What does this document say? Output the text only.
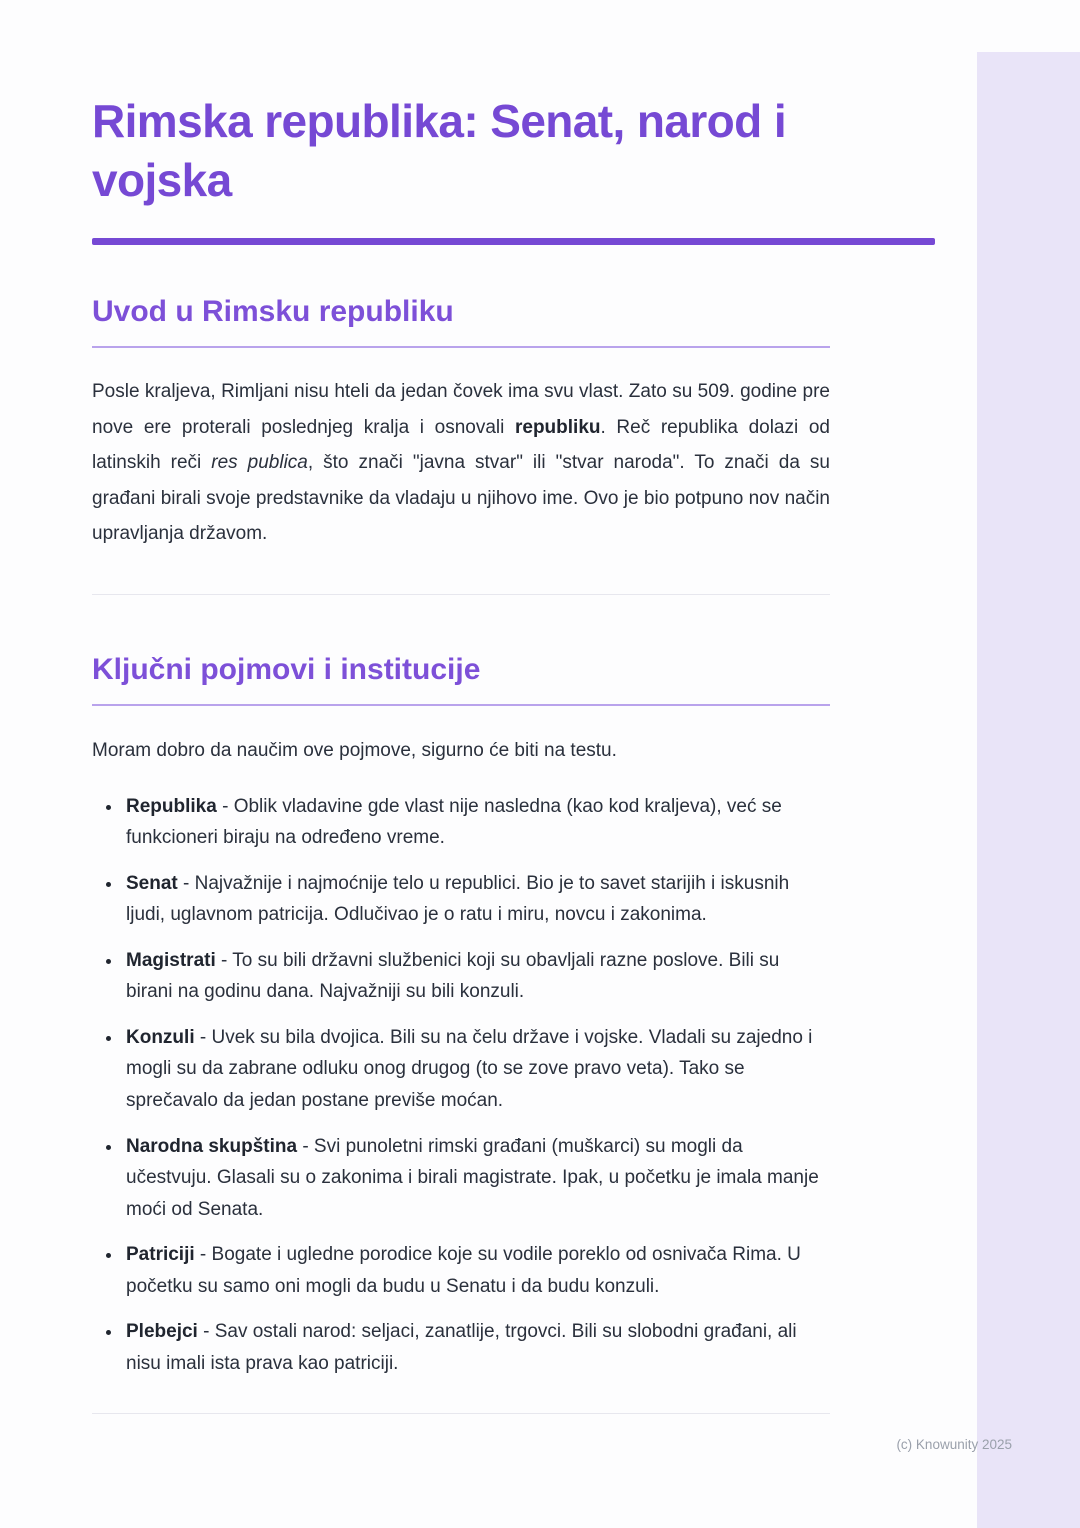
Rimska republika: Senat, narod i vojska
Uvod u Rimsku republiku

Posle kraljeva, Rimljani nisu hteli da jedan čovek ima svu vlast. Zato su 509. godine pre nove ere proterali poslednjeg kralja i osnovali republiku. Reč republika dolazi od latinskih reči res publica, što znači "javna stvar" ili "stvar naroda". To znači da su građani birali svoje predstavnike da vladaju u njihovo ime. Ovo je bio potpuno nov način upravljanja državom.

Ključni pojmovi i institucije

Moram dobro da naučim ove pojmove, sigurno će biti na testu.

• Republika - Oblik vladavine gde vlast nije nasledna (kao kod kraljeva), već se funkcioneri biraju na određeno vreme.
• Senat - Najvažnije i najmoćnije telo u republici. Bio je to savet starijih i iskusnih ljudi, uglavnom patricija. Odlučivao je o ratu i miru, novcu i zakonima.
• Magistrati - To su bili državni službenici koji su obavljali razne poslove. Bili su birani na godinu dana. Najvažniji su bili konzuli.
• Konzuli - Uvek su bila dvojica. Bili su na čelu države i vojske. Vladali su zajedno i mogli su da zabrane odluku onog drugog (to se zove pravo veta). Tako se sprečavalo da jedan postane previše moćan.
• Narodna skupština - Svi punoletni rimski građani (muškarci) su mogli da učestvuju. Glasali su o zakonima i birali magistrate. Ipak, u početku je imala manje moći od Senata.
• Patriciji - Bogate i ugledne porodice koje su vodile poreklo od osnivača Rima. U početku su samo oni mogli da budu u Senatu i da budu konzuli.
• Plebejci - Sav ostali narod: seljaci, zanatlije, trgovci. Bili su slobodni građani, ali nisu imali ista prava kao patriciji.
(c) Knowunity 2025
